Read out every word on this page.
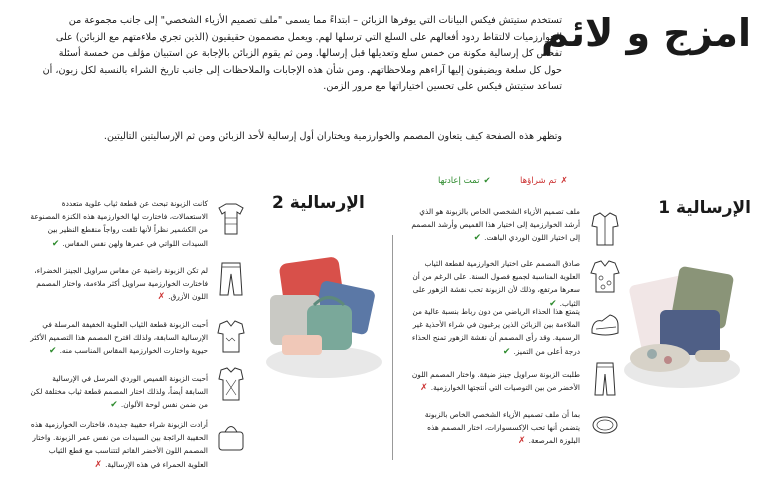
امزج و لائم
تستخدم ستيتش فيكس البيانات التي يوفرها الزبائن – ابتداءً مما يسمى "ملف تصميم الأزياء الشخصي" إلى جانب مجموعة من الخوارزميات لالتقاط ردود أفعالهم على السلع التي ترسلها لهم. ويعمل مصممون حقيقيون (الذين تجري ملاءمتهم مع الزبائن) على تفحص كل إرسالية مكونة من خمس سلع وتعديلها قبل إرسالها. ومن ثم يقوم الزبائن بالإجابة عن استبيان مؤلف من خمسة أسئلة حول كل سلعة ويضيفون إليها آراءهم وملاحظاتهم. ومن شأن هذه الإجابات والملاحظات إلى جانب تاريخ الشراء بالنسبة لكل زبون، أن تساعد ستيتش فيكس على تحسين اختياراتها مع مرور الزمن.
وتظهر هذه الصفحة كيف يتعاون المصمم والخوارزمية ويختاران أول إرسالية لأحد الزبائن ومن ثم الإرساليتين التاليتين.
✗
تم شراؤها
✔
تمت إعادتها
الإرسالية 1
الإرسالية 2	ملف تصميم الأزياء الشخصي الخاص بالزبونة هو الذي أرشد الخوارزمية إلى اختيار هذا القميص وأرشد المصمم إلى اختيار اللون الوردي الباهت.✔
صادق المصمم على اختيار الخوارزمية لقطعة الثياب العلوية المناسبة لجميع فصول السنة. على الرغم من أن سعرها مرتفع، وذلك لأن الزبونة تحب نقشة الزهور على الثياب.✔
يتمتع هذا الحذاء الرياضي من دون رباط بنسبة عالية من الملاءمة بين الزبائن الذين يرغبون في شراء الأحذية غير الرسمية. وقد رأى المصمم أن نقشة الزهور تمنح الحذاء درجة أعلى من التميز.✔
طلبت الزبونة سراويل جينز ضيقة. واختار المصمم اللون الأخضر من بين التوصيات التي أنتجتها الخوارزمية.✗
بما أن ملف تصميم الأزياء الشخصي الخاص بالزبونة يتضمن أنها تحب الإكسسوارات، اختار المصمم هذه البلوزة المرصعة.✗
كانت الزبونة تبحث عن قطعة ثياب علوية متعددة الاستعمالات، فاختارت لها الخوارزمية هذه الكنزة المصنوعة من الكشمير نظراً لأنها تلقت رواجاً منقطع النظير بين السيدات اللواتي في عمرها ولهن نفس المقاس.✔
لم تكن الزبونة راضية عن مقاس سراويل الجينز الخضراء، فاختارت الخوارزمية سراويل أكثر ملاءمة، واختار المصمم اللون الأزرق.✗
أحبت الزبونة قطعة الثياب العلوية الخفيفة المرسلة في الإرسالية السابقة، ولذلك اقترح المصمم هذا التصميم الأكثر حيوية واختارت الخوارزمية المقاس المناسب منه.✔
أحبت الزبونة القميص الوردي المرسل في الإرسالية السابقة أيضاً، ولذلك اختار المصمم قطعة ثياب مختلفة لكن من ضمن نفس لوحة الألوان.✔
أرادت الزبونة شراء حقيبة جديدة، فاختارت الخوارزمية هذه الحقيبة الرائجة بين السيدات من نفس عمر الزبونة. واختار المصمم اللون الأخضر القاتم لتتناسب مع قطع الثياب العلوية الحمراء في هذه الإرسالية.✗
